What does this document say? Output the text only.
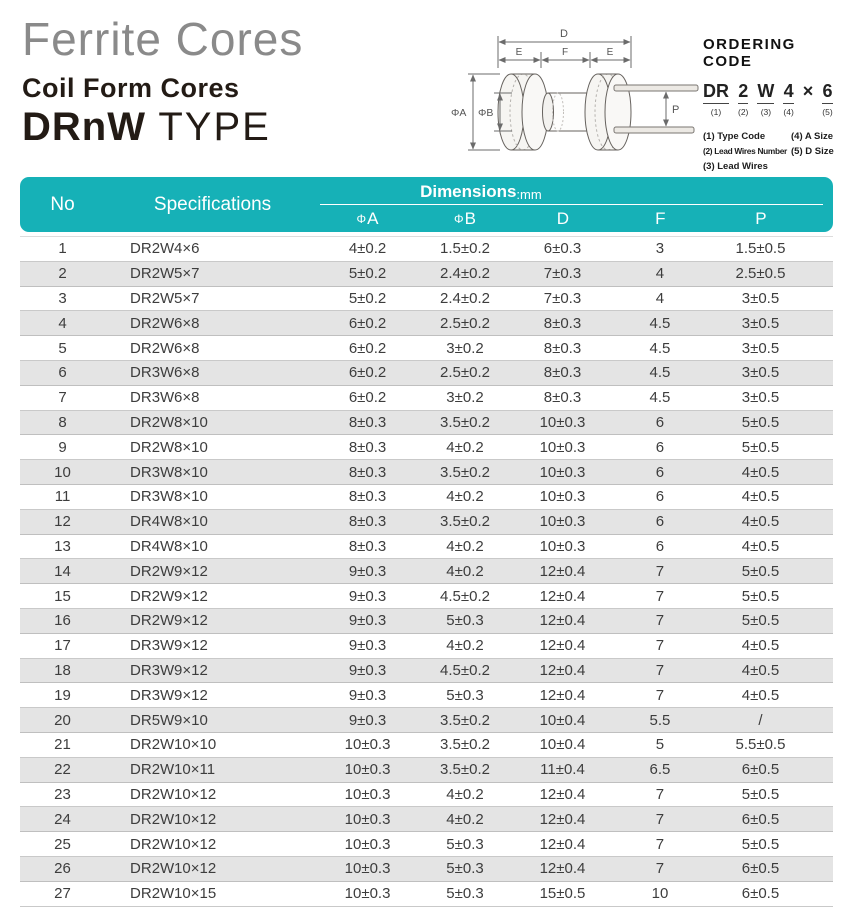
Ferrite Cores
Coil Form Cores
DRnW TYPE
D
E	F	E
ΦA ΦB	P
ORDERING CODE
DR
(1)
2
(2)
W
(3)
4
(4)
× 6
(5)
(1) Type Code
(2) Lead Wires Number
(3) Lead Wires
(4) A Size
(5) D Size
No	Specifications
Dimensions :mm
Φ A	Φ B	D	F	P
1	DR2W4×6	4±0.2	1.5±0.2	6±0.3	3	1.5±0.5
2	DR2W5×7	5±0.2	2.4±0.2	7±0.3	4	2.5±0.5
3	DR2W5×7	5±0.2	2.4±0.2	7±0.3	4	3±0.5
4	DR2W6×8	6±0.2	2.5±0.2	8±0.3	4.5	3±0.5
5	DR2W6×8	6±0.2	3±0.2	8±0.3	4.5	3±0.5
6	DR3W6×8	6±0.2	2.5±0.2	8±0.3	4.5	3±0.5
7	DR3W6×8	6±0.2	3±0.2	8±0.3	4.5	3±0.5
8	DR2W8×10	8±0.3	3.5±0.2	10±0.3	6	5±0.5
9	DR2W8×10	8±0.3	4±0.2	10±0.3	6	5±0.5
10	DR3W8×10	8±0.3	3.5±0.2	10±0.3	6	4±0.5
11	DR3W8×10	8±0.3	4±0.2	10±0.3	6	4±0.5
12	DR4W8×10	8±0.3	3.5±0.2	10±0.3	6	4±0.5
13	DR4W8×10	8±0.3	4±0.2	10±0.3	6	4±0.5
14	DR2W9×12	9±0.3	4±0.2	12±0.4	7	5±0.5
15	DR2W9×12	9±0.3	4.5±0.2	12±0.4	7	5±0.5
16	DR2W9×12	9±0.3	5±0.3	12±0.4	7	5±0.5
17	DR3W9×12	9±0.3	4±0.2	12±0.4	7	4±0.5
18	DR3W9×12	9±0.3	4.5±0.2	12±0.4	7	4±0.5
19	DR3W9×12	9±0.3	5±0.3	12±0.4	7	4±0.5
20	DR5W9×10	9±0.3	3.5±0.2	10±0.4	5.5	/
21	DR2W10×10	10±0.3	3.5±0.2	10±0.4	5	5.5±0.5
22	DR2W10×11	10±0.3	3.5±0.2	11±0.4	6.5	6±0.5
23	DR2W10×12	10±0.3	4±0.2	12±0.4	7	5±0.5
24	DR2W10×12	10±0.3	4±0.2	12±0.4	7	6±0.5
25	DR2W10×12	10±0.3	5±0.3	12±0.4	7	5±0.5
26	DR2W10×12	10±0.3	5±0.3	12±0.4	7	6±0.5
27	DR2W10×15	10±0.3	5±0.3	15±0.5	10	6±0.5
